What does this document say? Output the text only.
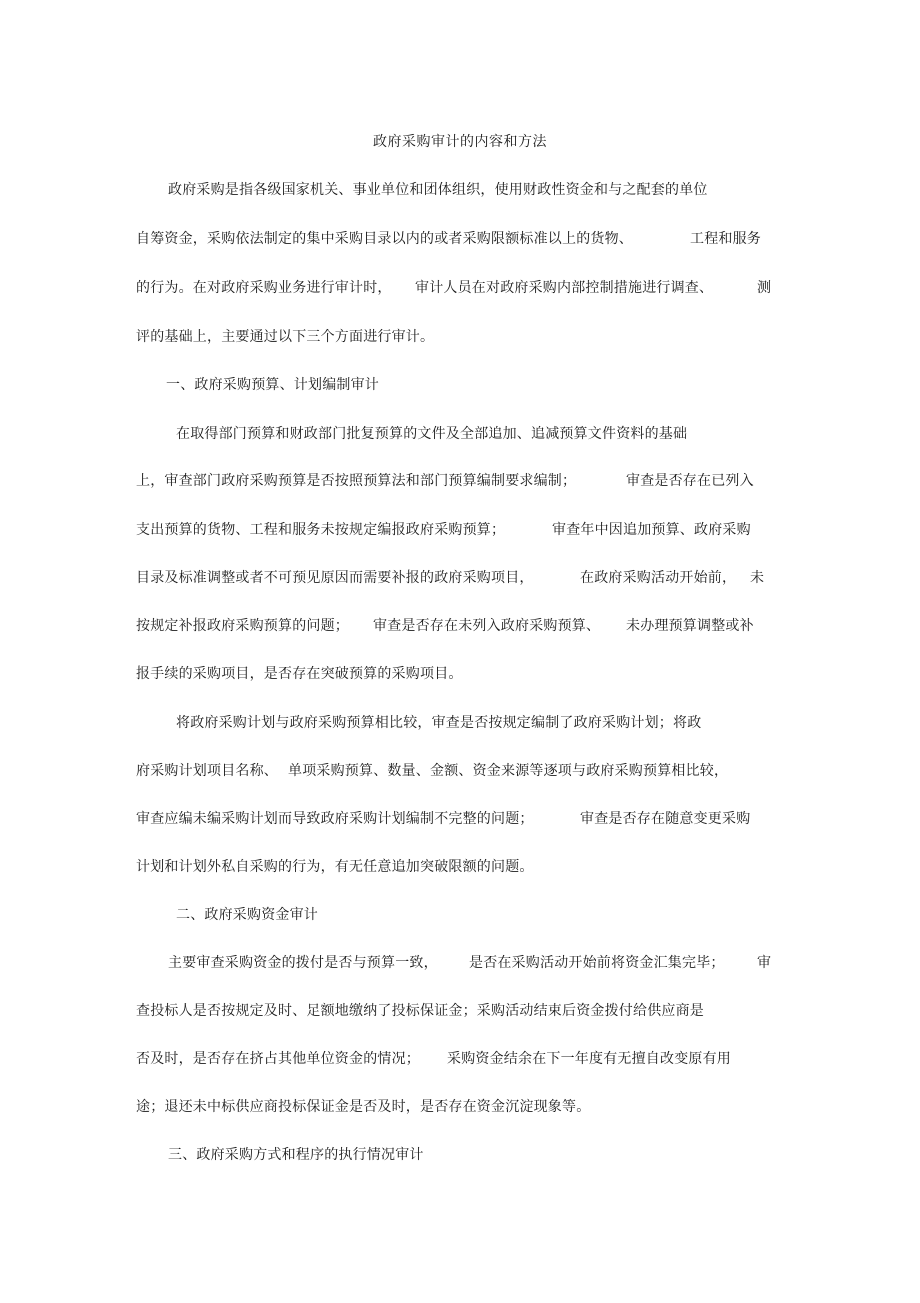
政府采购审计的内容和方法
政府采购是指各级国家机关、事业单位和团体组织，使用财政性资金和与之配套的单位
自筹资金，采购依法制定的集中采购目录以内的或者采购限额标准以上的货物、	工程和服务
的行为。在对政府采购业务进行审计时， 审计人员在对政府采购内部控制措施进行调查、	测
评的基础上，主要通过以下三个方面进行审计。
一、政府采购预算、计划编制审计
在取得部门预算和财政部门批复预算的文件及全部追加、追减预算文件资料的基础
上，审查部门政府采购预算是否按照预算法和部门预算编制要求编制；	审查是否存在已列入
支出预算的货物、工程和服务未按规定编报政府采购预算；	审查年中因追加预算、政府采购
目录及标准调整或者不可预见原因而需要补报的政府采购项目，	在政府采购活动开始前， 未
按规定补报政府采购预算的问题； 审查是否存在未列入政府采购预算、 未办理预算调整或补
报手续的采购项目，是否存在突破预算的采购项目。
将政府采购计划与政府采购预算相比较，审查是否按规定编制了政府采购计划；将政
府采购计划项目名称、 单项采购预算、数量、金额、资金来源等逐项与政府采购预算相比较，
审查应编未编采购计划而导致政府采购计划编制不完整的问题；	审查是否存在随意变更采购
计划和计划外私自采购的行为，有无任意追加突破限额的问题。
二、政府采购资金审计
主要审查采购资金的拨付是否与预算一致， 是否在采购活动开始前将资金汇集完毕； 审
查投标人是否按规定及时、足额地缴纳了投标保证金；采购活动结束后资金拨付给供应商是
否及时，是否存在挤占其他单位资金的情况； 采购资金结余在下一年度有无擅自改变原有用
途；退还未中标供应商投标保证金是否及时，是否存在资金沉淀现象等。
三、政府采购方式和程序的执行情况审计
